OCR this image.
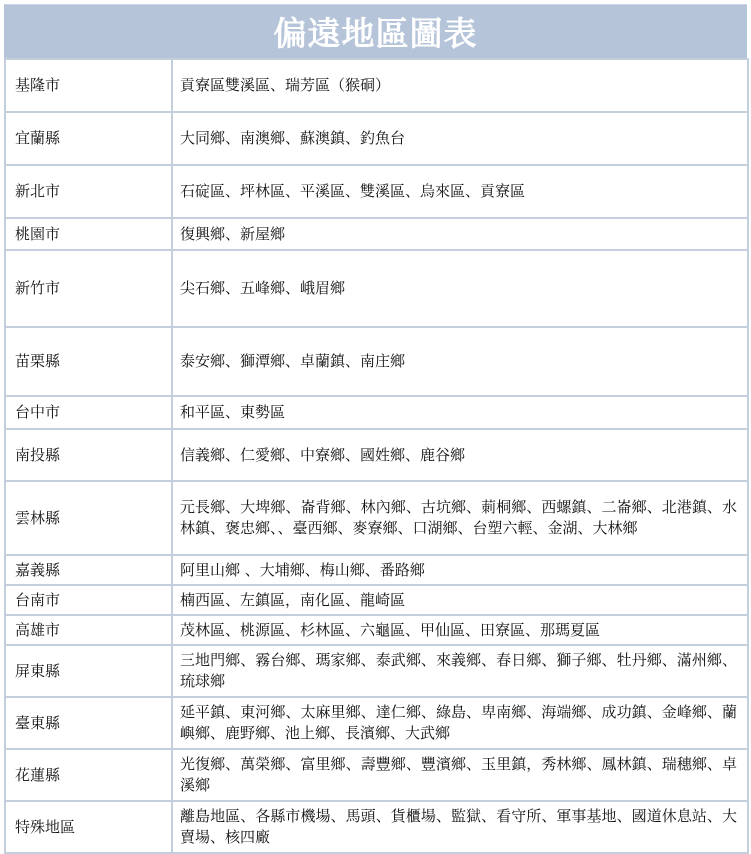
偏遠地區圖表
基隆市	貢寮區雙溪區、瑞芳區（猴硐）
宜蘭縣	大同鄉、南澳鄉、蘇澳鎮、釣魚台
新北市	石碇區、坪林區、平溪區、雙溪區、烏來區、貢寮區
桃園市	復興鄉、新屋鄉
新竹市	尖石鄉、五峰鄉、峨眉鄉
苗栗縣	泰安鄉、獅潭鄉、卓蘭鎮、南庄鄉
台中市	和平區、東勢區
南投縣	信義鄉、仁愛鄉、中寮鄉、國姓鄉、鹿谷鄉
雲林縣	元長鄉、大埤鄉、崙背鄉、林內鄉、古坑鄉、莿桐鄉、西螺鎮、二崙鄉、北港鎮、水林鎮、褒忠鄉、、臺西鄉、麥寮鄉、口湖鄉、台塑六輕、金湖、大林鄉
嘉義縣	阿里山鄉 、大埔鄉、梅山鄉、番路鄉
台南市	楠西區、左鎮區，南化區、龍崎區
高雄市	茂林區、桃源區、杉林區、六龜區、甲仙區、田寮區、那瑪夏區
屏東縣	三地門鄉、霧台鄉、瑪家鄉、泰武鄉、來義鄉、春日鄉、獅子鄉、牡丹鄉、滿州鄉、琉球鄉
臺東縣	延平鎮、東河鄉、太麻里鄉、達仁鄉、綠島、卑南鄉、海端鄉、成功鎮、金峰鄉、蘭嶼鄉、鹿野鄉、池上鄉、長濱鄉、大武鄉
花蓮縣	光復鄉、萬榮鄉、富里鄉、壽豐鄉、豐濱鄉、玉里鎮，秀林鄉、鳳林鎮、瑞穗鄉、卓溪鄉
特殊地區	離島地區、各縣市機場、馬頭、貨櫃場、監獄、看守所、軍事基地、國道休息站、大賣場、核四廠
